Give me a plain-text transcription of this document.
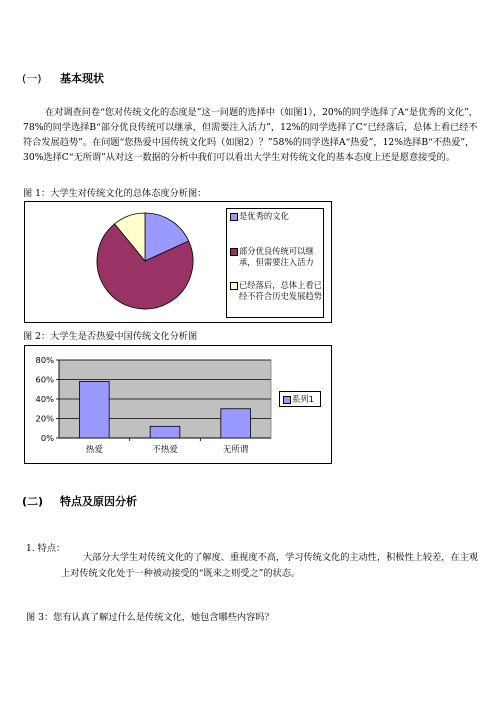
(一) 基本现状

在对调查问卷“您对传统文化的态度是”这一问题的选择中（如图1），20%的同学选择了A“是优秀的文化”，78%的同学选择B“部分优良传统可以继承，但需要注入活力”，12%的同学选择了C“已经落后，总体上看已经不符合发展趋势”。在问题“您热爱中国传统文化吗（如图2）？”58%的同学选择A“热爱”，12%选择B“不热爱”，30%选择C“无所谓”从对这一数据的分析中我们可以看出大学生对传统文化的基本态度上还是愿意接受的。

图 1：大学生对传统文化的总体态度分析图：
是优秀的文化
部分优良传统可以继承，但需要注入活力
已经落后，总体上看已经不符合历史发展趋势
图 2：大学生是否热爱中国传统文化分析图
0%
20%
40%
60%
80%
热爱	不热爱	无所谓
系列1
(二) 特点及原因分析
1. 特点：

大部分大学生对传统文化的了解度、重视度不高，学习传统文化的主动性，积极性上较差，在主观上对传统文化处于一种被动接受的“既来之则受之”的状态。

图 3：您有认真了解过什么是传统文化，她包含哪些内容吗？
